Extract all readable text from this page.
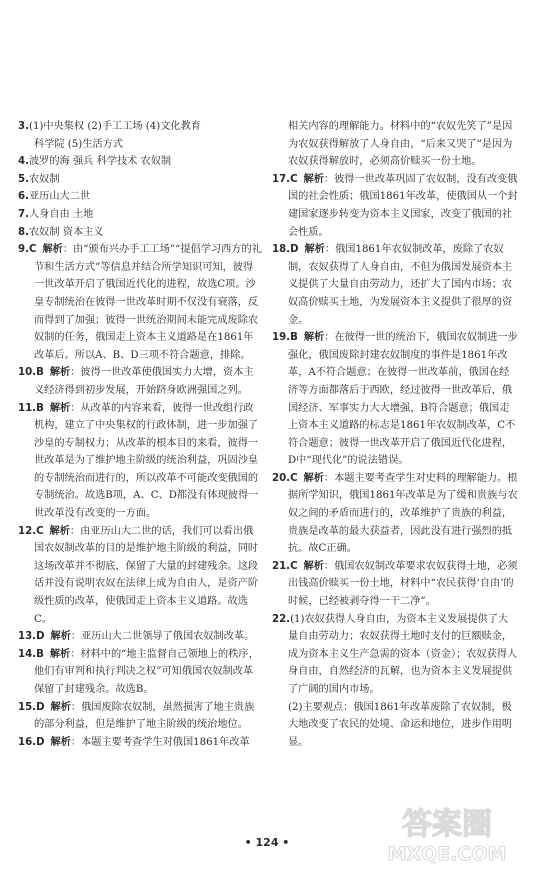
3.(1)中央集权 (2)手工工场 (4)文化教育
科学院 (5)生活方式
4.波罗的海 强兵 科学技术 农奴制
5.农奴制
6.亚历山大二世
7.人身自由 土地
8.农奴制 资本主义
9.C 解析：由“颁布兴办手工工场”“提倡学习西方的礼节和生活方式”等信息并结合所学知识可知，彼得一世改革开启了俄国近代化的进程，故选C项。沙皇专制统治在彼得一世改革时期不仅没有衰落，反而得到了加强；彼得一世统治期间未能完成废除农奴制的任务，俄国走上资本主义道路是在1861年改革后。所以A、B、D三项不符合题意，排除。
10.B 解析：彼得一世改革使俄国实力大增，资本主义经济得到初步发展，开始跻身欧洲强国之列。
11.B 解析：从改革的内容来看，彼得一世改组行政机构，建立了中央集权的行政体制，进一步加强了沙皇的专制权力；从改革的根本目的来看，彼得一世改革是为了维护地主阶级的统治利益，巩固沙皇的专制统治而进行的，所以改革不可能改变俄国的专制统治。故选B项，A、C、D都没有体现彼得一世改革没有改变的一方面。
12.C 解析：由亚历山大二世的话，我们可以看出俄国农奴制改革的目的是维护地主阶级的利益，同时这场改革并不彻底，保留了大量的封建残余。这段话并没有说明农奴在法律上成为自由人，是资产阶级性质的改革，使俄国走上资本主义道路。故选C。
13.D 解析：亚历山大二世领导了俄国农奴制改革。
14.B 解析：材料中的“地主监督自己领地上的秩序，他们有审判和执行判决之权”可知俄国农奴制改革保留了封建残余。故选B。
15.D 解析：俄国废除农奴制，虽然损害了地主贵族的部分利益，但是维护了地主阶级的统治地位。
16.D 解析：本题主要考查学生对俄国1861年改革
相关内容的理解能力。材料中的“农奴先笑了”是因为农奴获得解放了人身自由，“后来又哭了”是因为农奴获得解放时，必须高价赎买一份土地。
17.C 解析：彼得一世改革巩固了农奴制，没有改变俄国的社会性质；俄国1861年改革，使俄国从一个封建国家逐步转变为资本主义国家，改变了俄国的社会性质。
18.D 解析：俄国1861年农奴制改革，废除了农奴制，农奴获得了人身自由，不但为俄国发展资本主义提供了大量自由劳动力，还扩大了国内市场；农奴高价赎买土地，为发展资本主义提供了很厚的资金。
19.B 解析：在彼得一世的统治下，俄国农奴制进一步强化，俄国废除封建农奴制度的事件是1861年改革，A不符合题意；在彼得一世改革前，俄国在经济等方面都落后于西欧，经过彼得一世改革后，俄国经济、军事实力大大增强，B符合题意；俄国走上资本主义道路的标志是1861年农奴制改革，C不符合题意；彼得一世改革开启了俄国近代化进程，D中“现代化”的说法错误。
20.C 解析：本题主要考查学生对史料的理解能力。根据所学知识，俄国1861年改革是为了缓和贵族与农奴之间的矛盾而进行的，改革维护了贵族的利益，贵族是改革的最大获益者，因此没有进行强烈的抵抗。故C正确。
21.C 解析：俄国农奴制改革要求农奴获得土地，必须出钱高价赎买一份土地，材料中“农民获得‘自由’的时候，已经被剥夺得一干二净”。
22.(1)农奴获得人身自由，为资本主义发展提供了大量自由劳动力；农奴获得土地时支付的巨额赎金，成为资本主义生产急需的资本（资金）；农奴获得人身自由，自然经济的瓦解，也为资本主义发展提供了广阔的国内市场。
(2)主要观点：俄国1861年改革废除了农奴制，极大地改变了农民的处境、命运和地位，进步作用明显。
• 124 •
答案圈
MXQE.COM
